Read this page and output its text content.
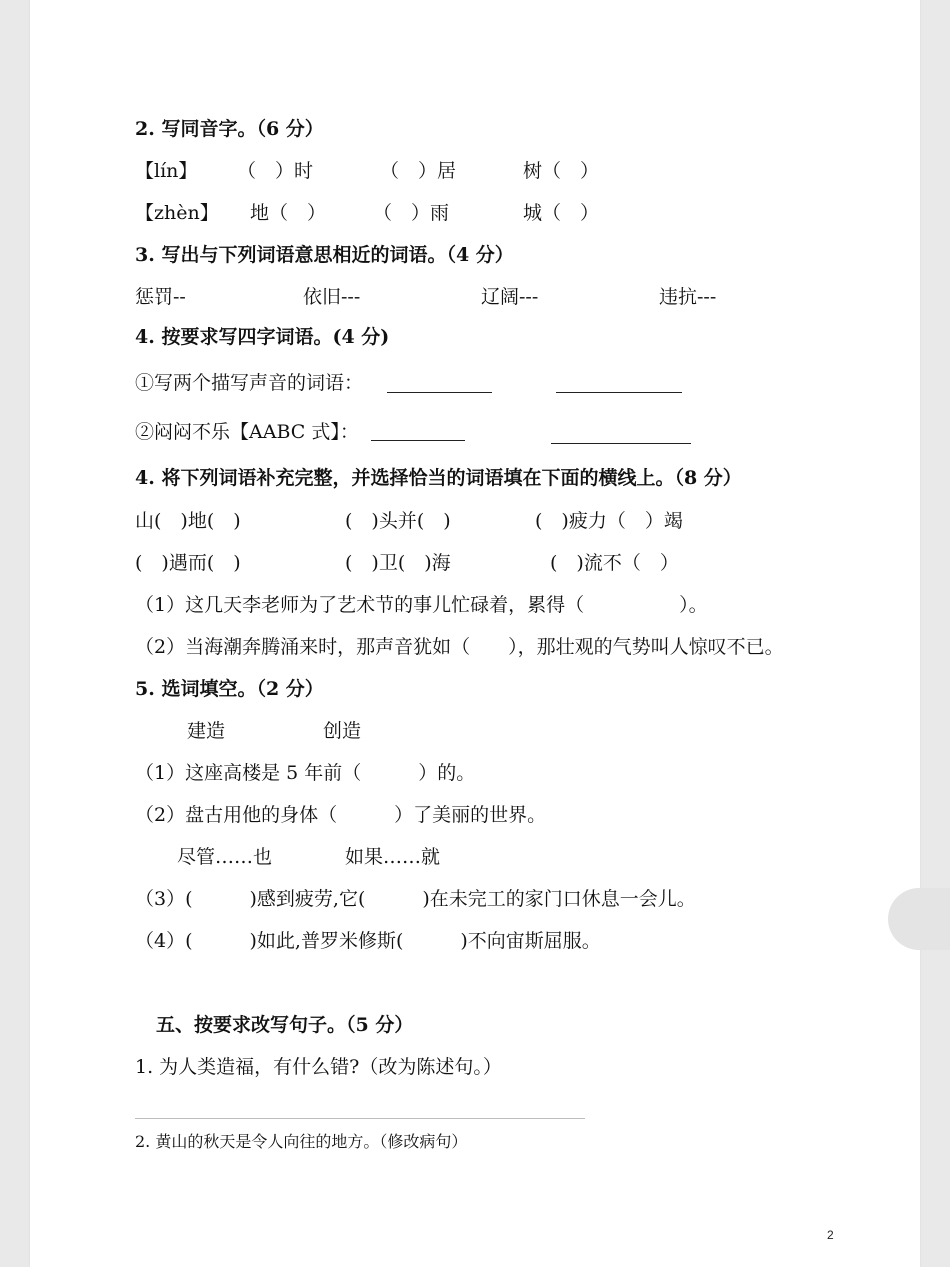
2. 写同音字。（6 分）
【lín】 （　）时	（　）居	树（　）
【zhèn】 地（　） （　）雨	城（　）
3. 写出与下列词语意思相近的词语。（4 分）
惩罚--	依旧---	辽阔---	违抗---
4. 按要求写四字词语。(4 分)
①写两个描写声音的词语：
②闷闷不乐【AABC 式】：
4. 将下列词语补充完整，并选择恰当的词语填在下面的横线上。（8 分）
山(　)地(　)	(　)头并(　)	(　)疲力（　）竭
(　)遇而(　)	(　)卫(　)海	(　)流不（　）
（1）这几天李老师为了艺术节的事儿忙碌着，累得（　　　　　）。
（2）当海潮奔腾涌来时，那声音犹如（　　），那壮观的气势叫人惊叹不已。
5. 选词填空。（2 分）
建造	创造
（1）这座高楼是 5 年前（　　　）的。
（2）盘古用他的身体（　　　）了美丽的世界。
尽管……也	如果……就
（3）(　　　)感到疲劳,它(　　　)在未完工的家门口休息一会儿。
（4）(　　　)如此,普罗米修斯(　　　)不向宙斯屈服。
五、按要求改写句子。（5 分）
1. 为人类造福，有什么错?（改为陈述句。）
2. 黄山的秋天是令人向往的地方。（修改病句）
2
